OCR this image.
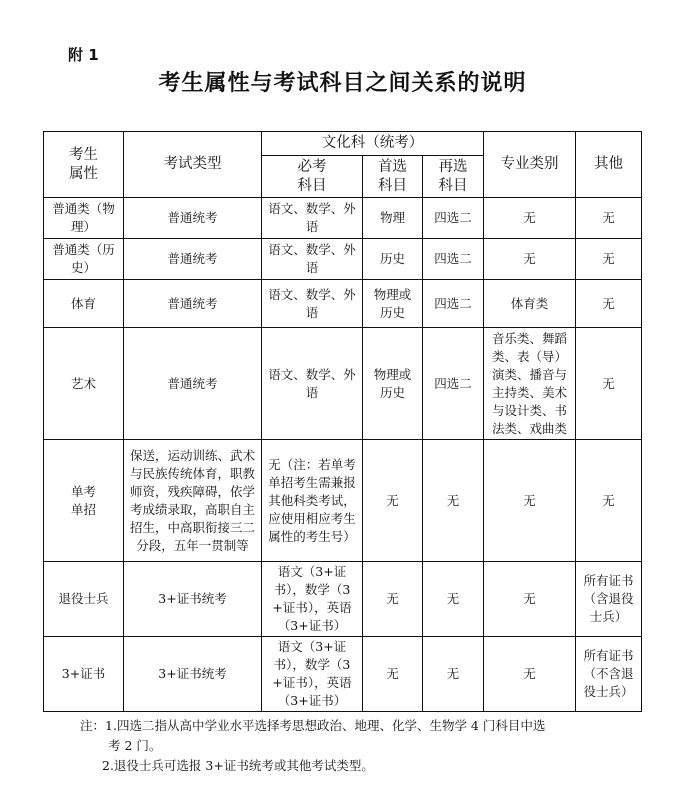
附 1
考生属性与考试科目之间关系的说明
考生属性	考试类型	文化科（统考）			专业类别	其他

		必考科目	首选科目	再选科目		

普通类（物理）	普通统考	语文、数学、外语	物理	四选二	无	无

普通类（历史）	普通统考	语文、数学、外语	历史	四选二	无	无
体育	普通统考	语文、数学、外语	物理或历史	四选二	体育类	无
艺术	普通统考	语文、数学、外语	物理或历史	四选二	音乐类、舞蹈类、表（导）演类、播音与主持类、美术与设计类、书法类、戏曲类	无

单考单招	保送，运动训练、武术与民族传统体育，职教师资，残疾障碍，依学考成绩录取，高职自主招生，中高职衔接三二分段，五年一贯制等	无（注：若单考单招考生需兼报其他科类考试，应使用相应考生属性的考生号）	无	无	无	无
退役士兵	3+证书统考	语文（3+证书），数学（3+证书），英语（3+证书）	无	无	无	所有证书（含退役士兵）
3+证书	3+证书统考	语文（3+证书），数学（3+证书），英语（3+证书）	无	无	无	所有证书（不含退役士兵）
注：1.四选二指从高中学业水平选择考思想政治、地理、化学、生物学 4 门科目中选
考 2 门。
2.退役士兵可选报 3+证书统考或其他考试类型。
